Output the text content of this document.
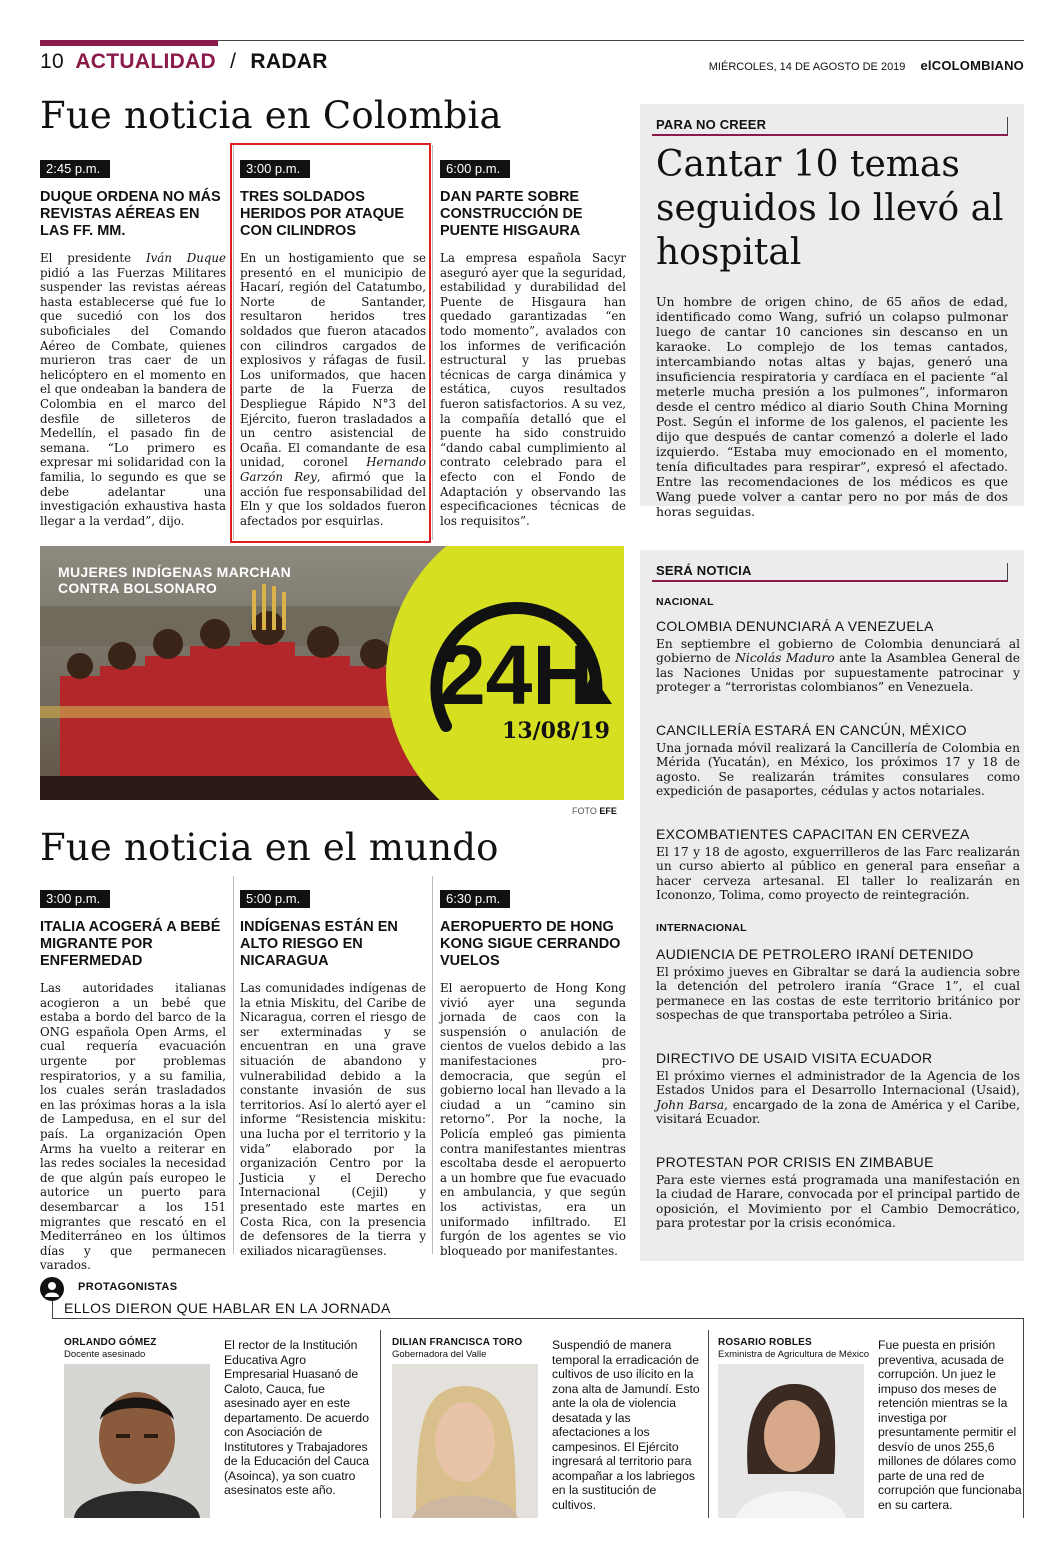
10 ACTUALIDAD / RADAR	MIÉRCOLES, 14 DE AGOSTO DE 2019 elCOLOMBIANO
Fue noticia en Colombia
2:45 p.m.
DUQUE ORDENA NO MÁS REVISTAS AÉREAS EN LAS FF. MM.
El presidente Iván Duque pidió a las Fuerzas Militares suspender las revistas aéreas hasta establecerse qué fue lo que sucedió con los dos suboficiales del Comando Aéreo de Combate, quienes murieron tras caer de un helicóptero en el momento en el que ondeaban la bandera de Colombia en el marco del desfile de silleteros de Medellín, el pasado fin de semana. “Lo primero es expresar mi solidaridad con la familia, lo segundo es que se debe adelantar una investigación exhaustiva hasta llegar a la verdad”, dijo.
3:00 p.m.
TRES SOLDADOS HERIDOS POR ATAQUE CON CILINDROS
En un hostigamiento que se presentó en el municipio de Hacarí, región del Catatumbo, Norte de Santander, resultaron heridos tres soldados que fueron atacados con cilindros cargados de explosivos y ráfagas de fusil. Los uniformados, que hacen parte de la Fuerza de Despliegue Rápido N°3 del Ejército, fueron trasladados a un centro asistencial de Ocaña. El comandante de esa unidad, coronel Hernando Garzón Rey, afirmó que la acción fue responsabilidad del Eln y que los soldados fueron afectados por esquirlas.
6:00 p.m.
DAN PARTE SOBRE CONSTRUCCIÓN DE PUENTE HISGAURA
La empresa española Sacyr aseguró ayer que la seguridad, estabilidad y durabilidad del Puente de Hisgaura han quedado garantizadas “en todo momento”, avalados con los informes de verificación estructural y las pruebas técnicas de carga dinámica y estática, cuyos resultados fueron satisfactorios. A su vez, la compañía detalló que el puente ha sido construido “dando cabal cumplimiento al contrato celebrado para el efecto con el Fondo de Adaptación y observando las especificaciones técnicas de los requisitos”.
PARA NO CREER
Cantar 10 temas seguidos lo llevó al hospital
Un hombre de origen chino, de 65 años de edad, identificado como Wang, sufrió un colapso pulmonar luego de cantar 10 canciones sin descanso en un karaoke. Lo complejo de los temas cantados, intercambiando notas altas y bajas, generó una insuficiencia respiratoria y cardíaca en el paciente “al meterle mucha presión a los pulmones”, informaron desde el centro médico al diario South China Morning Post. Según el informe de los galenos, el paciente les dijo que después de cantar comenzó a dolerle el lado izquierdo. “Estaba muy emocionado en el momento, tenía dificultades para respirar”, expresó el afectado. Entre las recomendaciones de los médicos es que Wang puede volver a cantar pero no por más de dos horas seguidas.
MUJERES INDÍGENAS MARCHAN
CONTRA BOLSONARO
24H
13/08/19
FOTO EFE
Fue noticia en el mundo
3:00 p.m.
ITALIA ACOGERÁ A BEBÉ MIGRANTE POR ENFERMEDAD
Las autoridades italianas acogieron a un bebé que estaba a bordo del barco de la ONG española Open Arms, el cual requería evacuación urgente por problemas respiratorios, y a su familia, los cuales serán trasladados en las próximas horas a la isla de Lampedusa, en el sur del país. La organización Open Arms ha vuelto a reiterar en las redes sociales la necesidad de que algún país europeo le autorice un puerto para desembarcar a los 151 migrantes que rescató en el Mediterráneo en los últimos días y que permanecen varados.
5:00 p.m.
INDÍGENAS ESTÁN EN ALTO RIESGO EN NICARAGUA
Las comunidades indígenas de la etnia Miskitu, del Caribe de Nicaragua, corren el riesgo de ser exterminadas y se encuentran en una grave situación de abandono y vulnerabilidad debido a la constante invasión de sus territorios. Así lo alertó ayer el informe “Resistencia miskitu: una lucha por el territorio y la vida” elaborado por la organización Centro por la Justicia y el Derecho Internacional (Cejil) y presentado este martes en Costa Rica, con la presencia de defensores de la tierra y exiliados nicaragüenses.
6:30 p.m.
AEROPUERTO DE HONG KONG SIGUE CERRANDO VUELOS
El aeropuerto de Hong Kong vivió ayer una segunda jornada de caos con la suspensión o anulación de cientos de vuelos debido a las manifestaciones pro-democracia, que según el gobierno local han llevado a la ciudad a un “camino sin retorno”. Por la noche, la Policía empleó gas pimienta contra manifestantes mientras escoltaba desde el aeropuerto a un hombre que fue evacuado en ambulancia, y que según los activistas, era un uniformado infiltrado. El furgón de los agentes se vio bloqueado por manifestantes.
SERÁ NOTICIA
NACIONAL
COLOMBIA DENUNCIARÁ A VENEZUELA
En septiembre el gobierno de Colombia denunciará al gobierno de Nicolás Maduro ante la Asamblea General de las Naciones Unidas por supuestamente patrocinar y proteger a “terroristas colombianos” en Venezuela.
CANCILLERÍA ESTARÁ EN CANCÚN, MÉXICO
Una jornada móvil realizará la Cancillería de Colombia en Mérida (Yucatán), en México, los próximos 17 y 18 de agosto. Se realizarán trámites consulares como expedición de pasaportes, cédulas y actos notariales.
EXCOMBATIENTES CAPACITAN EN CERVEZA
El 17 y 18 de agosto, exguerrilleros de las Farc realizarán un curso abierto al público en general para enseñar a hacer cerveza artesanal. El taller lo realizarán en Icononzo, Tolima, como proyecto de reintegración.
INTERNACIONAL
AUDIENCIA DE PETROLERO IRANÍ DETENIDO
El próximo jueves en Gibraltar se dará la audiencia sobre la detención del petrolero iranía “Grace 1”, el cual permanece en las costas de este territorio británico por sospechas de que transportaba petróleo a Siria.
DIRECTIVO DE USAID VISITA ECUADOR
El próximo viernes el administrador de la Agencia de los Estados Unidos para el Desarrollo Internacional (Usaid), John Barsa, encargado de la zona de América y el Caribe, visitará Ecuador.
PROTESTAN POR CRISIS EN ZIMBABUE
Para este viernes está programada una manifestación en la ciudad de Harare, convocada por el principal partido de oposición, el Movimiento por el Cambio Democrático, para protestar por la crisis económica.
PROTAGONISTAS
ELLOS DIERON QUE HABLAR EN LA JORNADA
ORLANDO GÓMEZ
Docente asesinado
El rector de la Institución Educativa Agro Empresarial Huasanó de Caloto, Cauca, fue asesinado ayer en este departamento. De acuerdo con Asociación de Institutores y Trabajadores de la Educación del Cauca (Asoinca), ya son cuatro asesinatos este año.
DILIAN FRANCISCA TORO
Gobernadora del Valle
Suspendió de manera temporal la erradicación de cultivos de uso ilícito en la zona alta de Jamundí. Esto ante la ola de violencia desatada y las afectaciones a los campesinos. El Ejército ingresará al territorio para acompañar a los labriegos en la sustitución de cultivos.
ROSARIO ROBLES
Exministra de Agricultura de México
Fue puesta en prisión preventiva, acusada de corrupción. Un juez le impuso dos meses de retención mientras se la investiga por presuntamente permitir el desvío de unos 255,6 millones de dólares como parte de una red de corrupción que funcionaba en su cartera.
